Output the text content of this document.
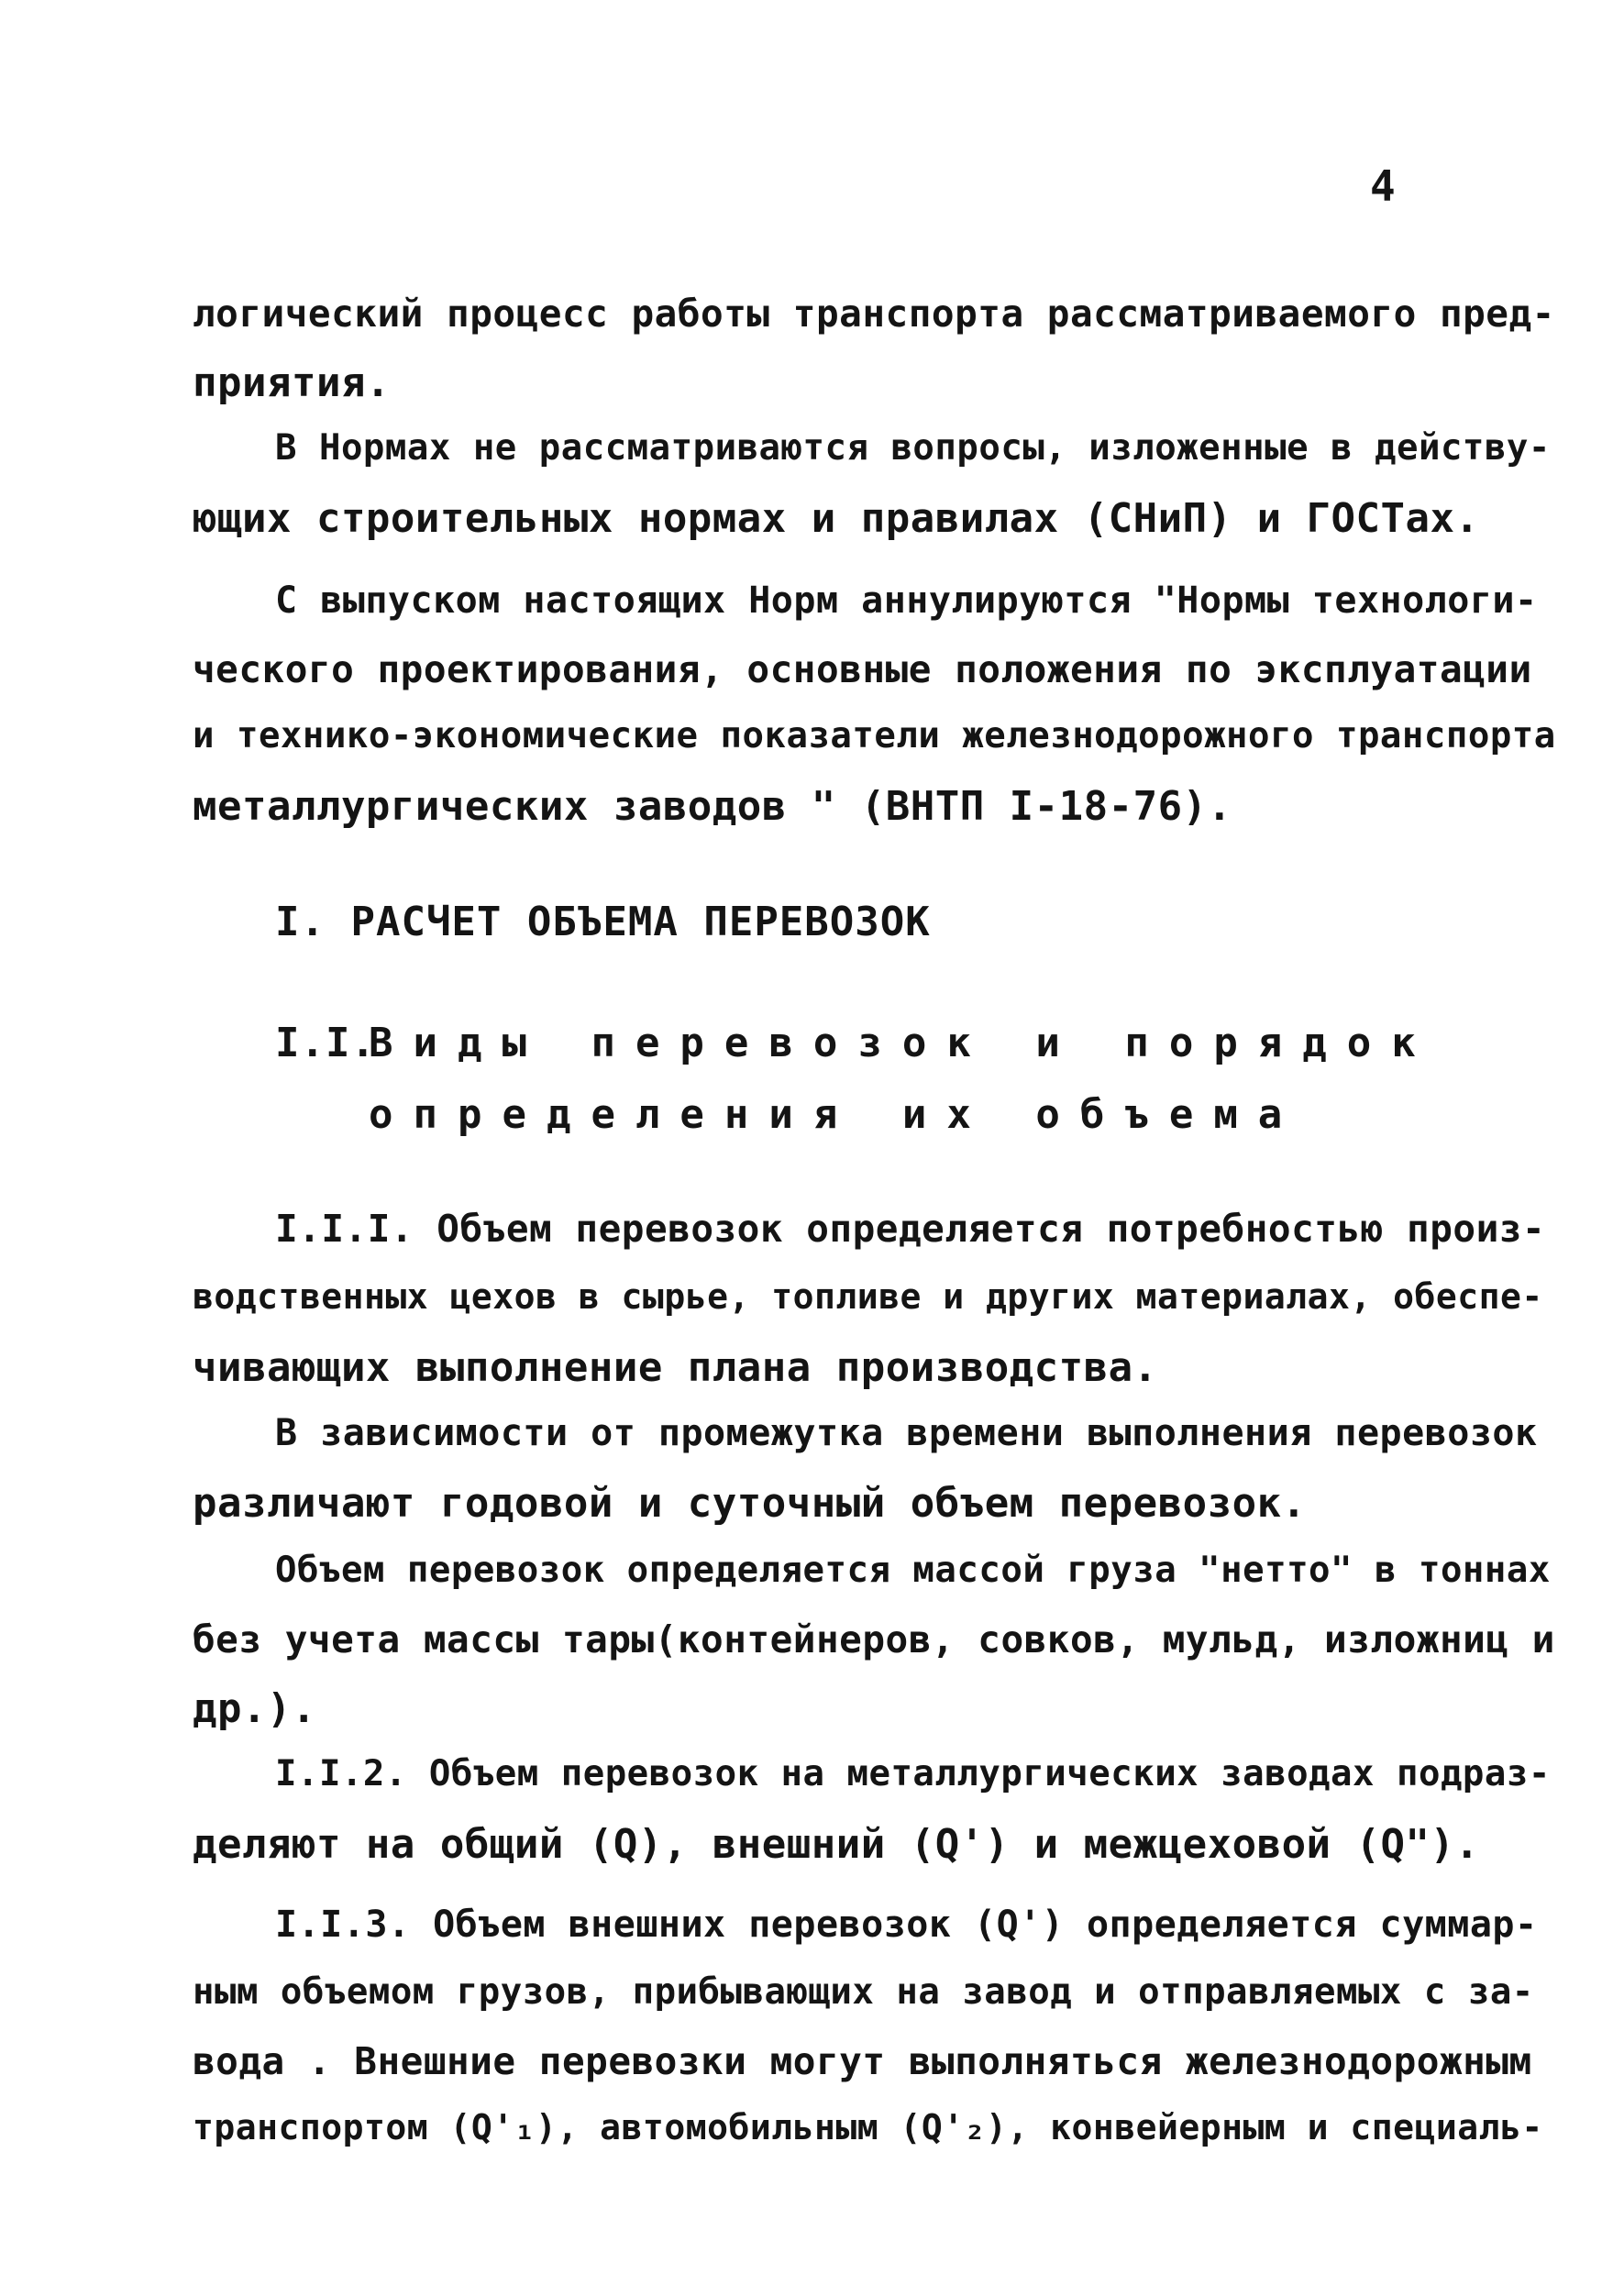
4
логический процесс работы транспорта рассматриваемого пред-
приятия.
В Нормах не рассматриваются вопросы, изложенные в действу-
ющих строительных нормах и правилах (СНиП) и ГОСТах.
С выпуском настоящих Норм аннулируются "Нормы технологи-
ческого проектирования, основные положения по эксплуатации
и технико-экономические показатели железнодорожного транспорта
металлургических заводов " (ВНТП I-18-76).
I. РАСЧЕТ ОБЪЕМА ПЕРЕВОЗОК
I.I.
Виды перевозок и порядок
определения их объема
I.I.I. Объем перевозок определяется потребностью произ-
водственных цехов в сырье, топливе и других материалах, обеспе-
чивающих выполнение плана производства.
В зависимости от промежутка времени выполнения перевозок
различают годовой и суточный объем перевозок.
Объем перевозок определяется массой груза "нетто" в тоннах
без учета массы тары(контейнеров, совков, мульд, изложниц и
др.).
I.I.2. Объем перевозок на металлургических заводах подраз-
деляют на общий (Q), внешний (Q') и межцеховой (Q").
I.I.3. Объем внешних перевозок (Q') определяется суммар-
ным объемом грузов, прибывающих на завод и отправляемых с за-
вода . Внешние перевозки могут выполняться железнодорожным
транспортом (Q'₁), автомобильным (Q'₂), конвейерным и специаль-
